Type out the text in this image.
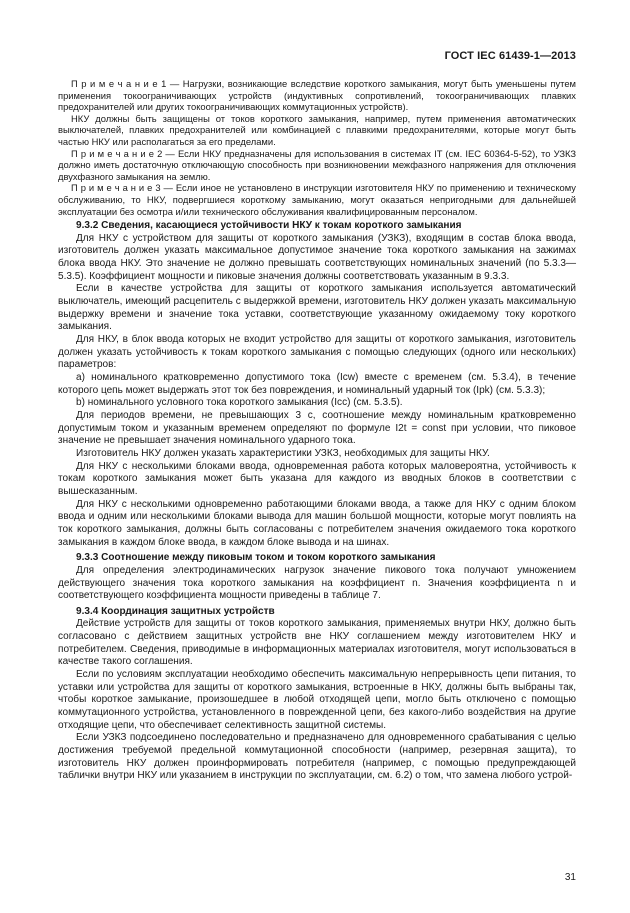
ГОСТ IEC 61439-1—2013

П р и м е ч а н и е 1 — Нагрузки, возникающие вследствие короткого замыкания, могут быть уменьшены путем применения токоограничивающих устройств (индуктивных сопротивлений, токоограничивающих плавких предохранителей или других токоограничивающих коммутационных устройств).

НКУ должны быть защищены от токов короткого замыкания, например, путем применения автоматических выключателей, плавких предохранителей или комбинацией с плавкими предохранителями, которые могут быть частью НКУ или располагаться за его пределами.

П р и м е ч а н и е 2 — Если НКУ предназначены для использования в системах IT (см. IEC 60364-5-52), то УЗКЗ должно иметь достаточную отключающую способность при возникновении межфазного напряжения для отключения двухфазного замыкания на землю.

П р и м е ч а н и е 3 — Если иное не установлено в инструкции изготовителя НКУ по применению и техническому обслуживанию, то НКУ, подвергшиеся короткому замыканию, могут оказаться непригодными для дальнейшей эксплуатации без осмотра и/или технического обслуживания квалифицированным персоналом.

9.3.2 Сведения, касающиеся устойчивости НКУ к токам короткого замыкания

Для НКУ с устройством для защиты от короткого замыкания (УЗКЗ), входящим в состав блока ввода, изготовитель должен указать максимальное допустимое значение тока короткого замыкания на зажимах блока ввода НКУ. Это значение не должно превышать соответствующих номинальных значений (по 5.3.3— 5.3.5). Коэффициент мощности и пиковые значения должны соответствовать указанным в 9.3.3.

Если в качестве устройства для защиты от короткого замыкания используется автоматический выключатель, имеющий расцепитель с выдержкой времени, изготовитель НКУ должен указать максимальную выдержку времени и значение тока уставки, соответствующие указанному ожидаемому току короткого замыкания.

Для НКУ, в блок ввода которых не входит устройство для защиты от короткого замыкания, изготовитель должен указать устойчивость к токам короткого замыкания с помощью следующих (одного или нескольких) параметров:

a) номинального кратковременно допустимого тока (Icw) вместе с временем (см. 5.3.4), в течение которого цепь может выдержать этот ток без повреждения, и номинальный ударный ток (Ipk) (см. 5.3.3);

b) номинального условного тока короткого замыкания (Icc) (см. 5.3.5).

Для периодов времени, не превышающих 3 с, соотношение между номинальным кратковременно допустимым током и указанным временем определяют по формуле I2t = const при условии, что пиковое значение не превышает значения номинального ударного тока.

Изготовитель НКУ должен указать характеристики УЗКЗ, необходимых для защиты НКУ.

Для НКУ с несколькими блоками ввода, одновременная работа которых маловероятна, устойчивость к токам короткого замыкания может быть указана для каждого из вводных блоков в соответствии с вышесказанным.

Для НКУ с несколькими одновременно работающими блоками ввода, а также для НКУ с одним блоком ввода и одним или несколькими блоками вывода для машин большой мощности, которые могут повлиять на ток короткого замыкания, должны быть согласованы с потребителем значения ожидаемого тока короткого замыкания в каждом блоке ввода, в каждом блоке вывода и на шинах.

9.3.3 Соотношение между пиковым током и током короткого замыкания

Для определения электродинамических нагрузок значение пикового тока получают умножением действующего значения тока короткого замыкания на коэффициент n. Значения коэффициента n и соответствующего коэффициента мощности приведены в таблице 7.

9.3.4 Координация защитных устройств

Действие устройств для защиты от токов короткого замыкания, применяемых внутри НКУ, должно быть согласовано с действием защитных устройств вне НКУ соглашением между изготовителем НКУ и потребителем. Сведения, приводимые в информационных материалах изготовителя, могут использоваться в качестве такого соглашения.

Если по условиям эксплуатации необходимо обеспечить максимальную непрерывность цепи питания, то уставки или устройства для защиты от короткого замыкания, встроенные в НКУ, должны быть выбраны так, чтобы короткое замыкание, произошедшее в любой отходящей цепи, могло быть отключено с помощью коммутационного устройства, установленного в поврежденной цепи, без какого-либо воздействия на другие отходящие цепи, что обеспечивает селективность защитной системы.

Если УЗКЗ подсоединено последовательно и предназначено для одновременного срабатывания с целью достижения требуемой предельной коммутационной способности (например, резервная защита), то изготовитель НКУ должен проинформировать потребителя (например, с помощью предупреждающей таблички внутри НКУ или указанием в инструкции по эксплуатации, см. 6.2) о том, что замена любого устрой-

31
